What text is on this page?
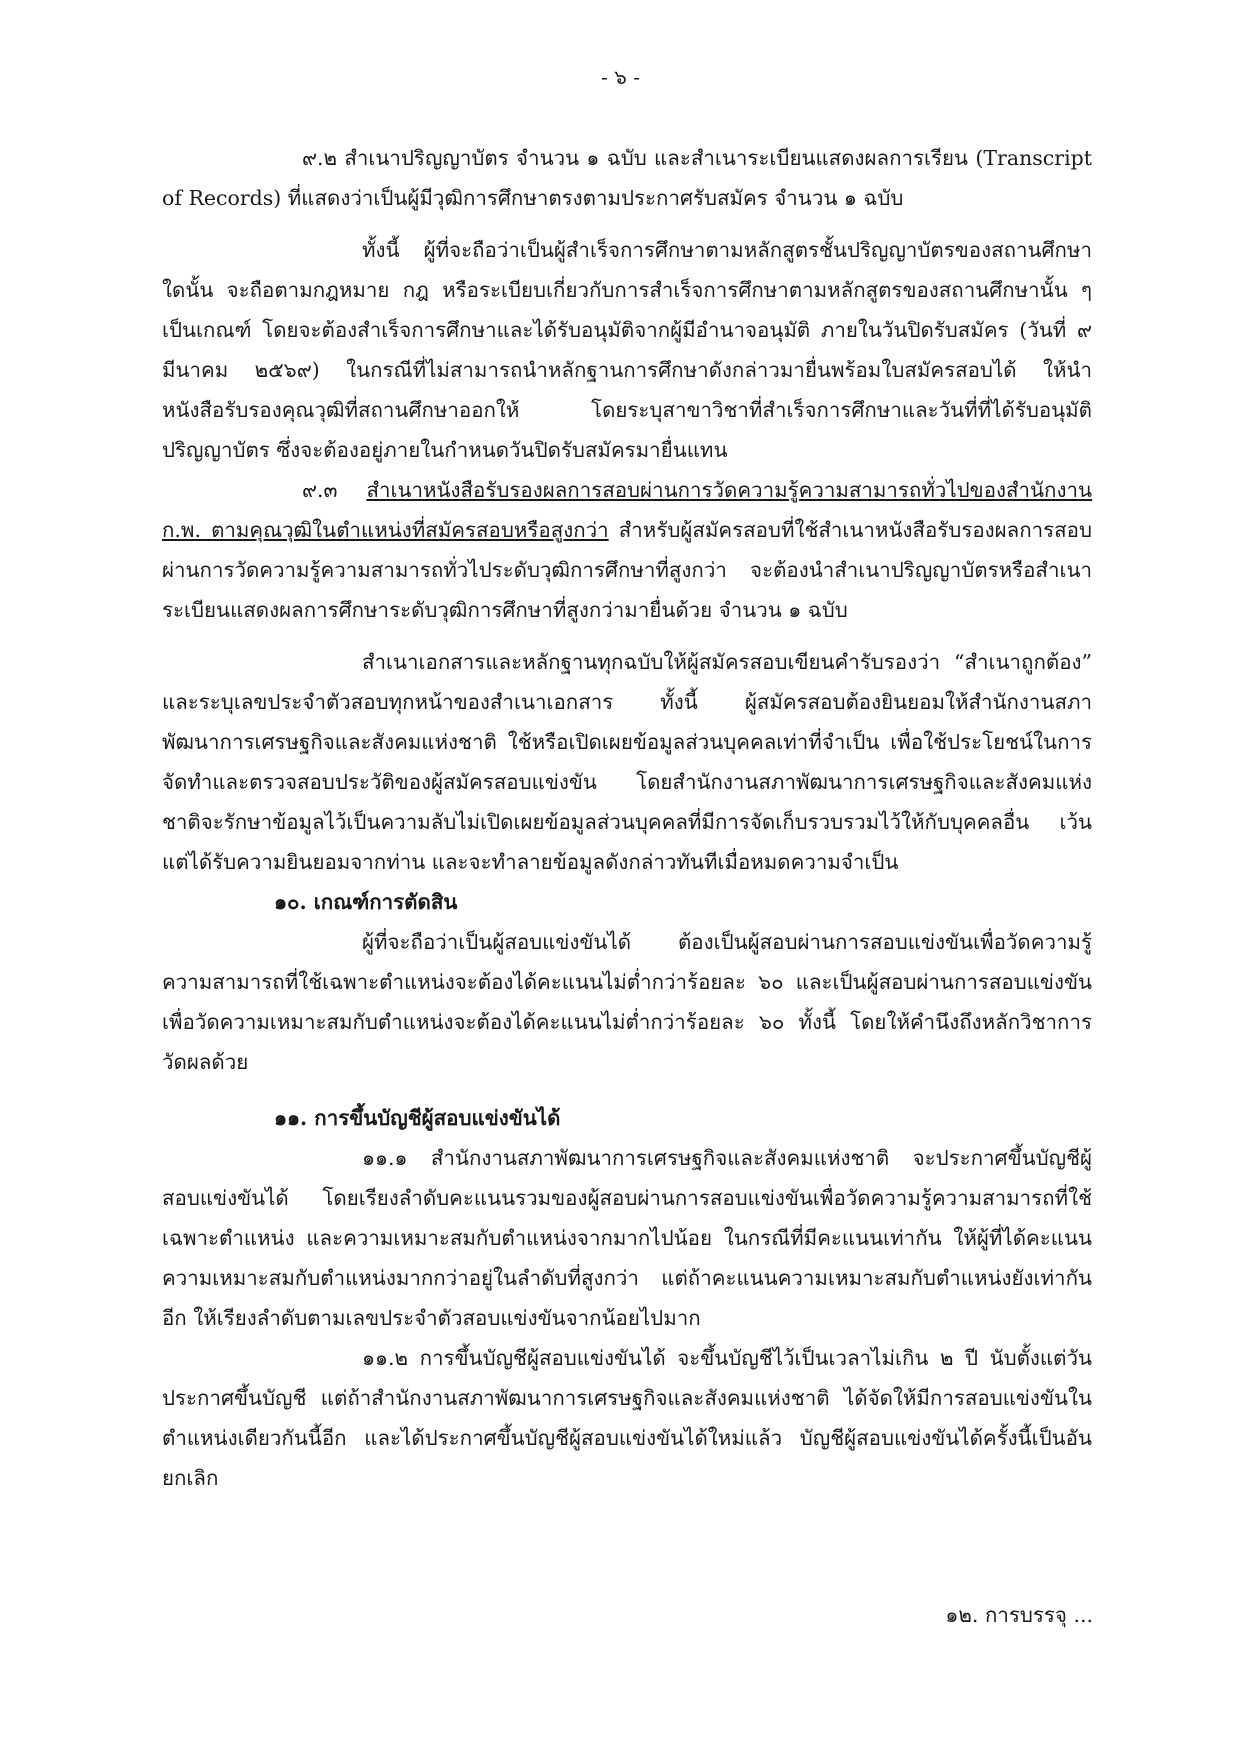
- ๖ -

๙.๒ สำเนาปริญญาบัตร จำนวน ๑ ฉบับ และสำเนาระเบียนแสดงผลการเรียน (Transcript of Records) ที่แสดงว่าเป็นผู้มีวุฒิการศึกษาตรงตามประกาศรับสมัคร จำนวน ๑ ฉบับ

ทั้งนี้ ผู้ที่จะถือว่าเป็นผู้สำเร็จการศึกษาตามหลักสูตรชั้นปริญญาบัตรของสถานศึกษาใดนั้น จะถือตามกฎหมาย กฎ หรือระเบียบเกี่ยวกับการสำเร็จการศึกษาตามหลักสูตรของสถานศึกษานั้น ๆ เป็นเกณฑ์ โดยจะต้องสำเร็จการศึกษาและได้รับอนุมัติจากผู้มีอำนาจอนุมัติ ภายในวันปิดรับสมัคร (วันที่ ๙ มีนาคม ๒๕๖๙) ในกรณีที่ไม่สามารถนำหลักฐานการศึกษาดังกล่าวมายื่นพร้อมใบสมัครสอบได้ ให้นำหนังสือรับรองคุณวุฒิที่สถานศึกษาออกให้ โดยระบุสาขาวิชาที่สำเร็จการศึกษาและวันที่ที่ได้รับอนุมัติปริญญาบัตร ซึ่งจะต้องอยู่ภายในกำหนดวันปิดรับสมัครมายื่นแทน

๙.๓ สำเนาหนังสือรับรองผลการสอบผ่านการวัดความรู้ความสามารถทั่วไปของสำนักงาน ก.พ. ตามคุณวุฒิในตำแหน่งที่สมัครสอบหรือสูงกว่า สำหรับผู้สมัครสอบที่ใช้สำเนาหนังสือรับรองผลการสอบผ่านการวัดความรู้ความสามารถทั่วไประดับวุฒิการศึกษาที่สูงกว่า จะต้องนำสำเนาปริญญาบัตรหรือสำเนาระเบียนแสดงผลการศึกษาระดับวุฒิการศึกษาที่สูงกว่ามายื่นด้วย จำนวน ๑ ฉบับ

สำเนาเอกสารและหลักฐานทุกฉบับให้ผู้สมัครสอบเขียนคำรับรองว่า “สำเนาถูกต้อง” และระบุเลขประจำตัวสอบทุกหน้าของสำเนาเอกสาร ทั้งนี้ ผู้สมัครสอบต้องยินยอมให้สำนักงานสภาพัฒนาการเศรษฐกิจและสังคมแห่งชาติ ใช้หรือเปิดเผยข้อมูลส่วนบุคคลเท่าที่จำเป็น เพื่อใช้ประโยชน์ในการจัดทำและตรวจสอบประวัติของผู้สมัครสอบแข่งขัน โดยสำนักงานสภาพัฒนาการเศรษฐกิจและสังคมแห่งชาติจะรักษาข้อมูลไว้เป็นความลับไม่เปิดเผยข้อมูลส่วนบุคคลที่มีการจัดเก็บรวบรวมไว้ให้กับบุคคลอื่น เว้นแต่ได้รับความยินยอมจากท่าน และจะทำลายข้อมูลดังกล่าวทันทีเมื่อหมดความจำเป็น

๑๐. เกณฑ์การตัดสิน

ผู้ที่จะถือว่าเป็นผู้สอบแข่งขันได้ ต้องเป็นผู้สอบผ่านการสอบแข่งขันเพื่อวัดความรู้ความสามารถที่ใช้เฉพาะตำแหน่งจะต้องได้คะแนนไม่ต่ำกว่าร้อยละ ๖๐ และเป็นผู้สอบผ่านการสอบแข่งขันเพื่อวัดความเหมาะสมกับตำแหน่งจะต้องได้คะแนนไม่ต่ำกว่าร้อยละ ๖๐ ทั้งนี้ โดยให้คำนึงถึงหลักวิชาการวัดผลด้วย

๑๑. การขึ้นบัญชีผู้สอบแข่งขันได้

๑๑.๑ สำนักงานสภาพัฒนาการเศรษฐกิจและสังคมแห่งชาติ จะประกาศขึ้นบัญชีผู้สอบแข่งขันได้ โดยเรียงลำดับคะแนนรวมของผู้สอบผ่านการสอบแข่งขันเพื่อวัดความรู้ความสามารถที่ใช้เฉพาะตำแหน่ง และความเหมาะสมกับตำแหน่งจากมากไปน้อย ในกรณีที่มีคะแนนเท่ากัน ให้ผู้ที่ได้คะแนนความเหมาะสมกับตำแหน่งมากกว่าอยู่ในลำดับที่สูงกว่า แต่ถ้าคะแนนความเหมาะสมกับตำแหน่งยังเท่ากันอีก ให้เรียงลำดับตามเลขประจำตัวสอบแข่งขันจากน้อยไปมาก

๑๑.๒ การขึ้นบัญชีผู้สอบแข่งขันได้ จะขึ้นบัญชีไว้เป็นเวลาไม่เกิน ๒ ปี นับตั้งแต่วันประกาศขึ้นบัญชี แต่ถ้าสำนักงานสภาพัฒนาการเศรษฐกิจและสังคมแห่งชาติ ได้จัดให้มีการสอบแข่งขันในตำแหน่งเดียวกันนี้อีก และได้ประกาศขึ้นบัญชีผู้สอบแข่งขันได้ใหม่แล้ว บัญชีผู้สอบแข่งขันได้ครั้งนี้เป็นอันยกเลิก

๑๒. การบรรจุ ...
